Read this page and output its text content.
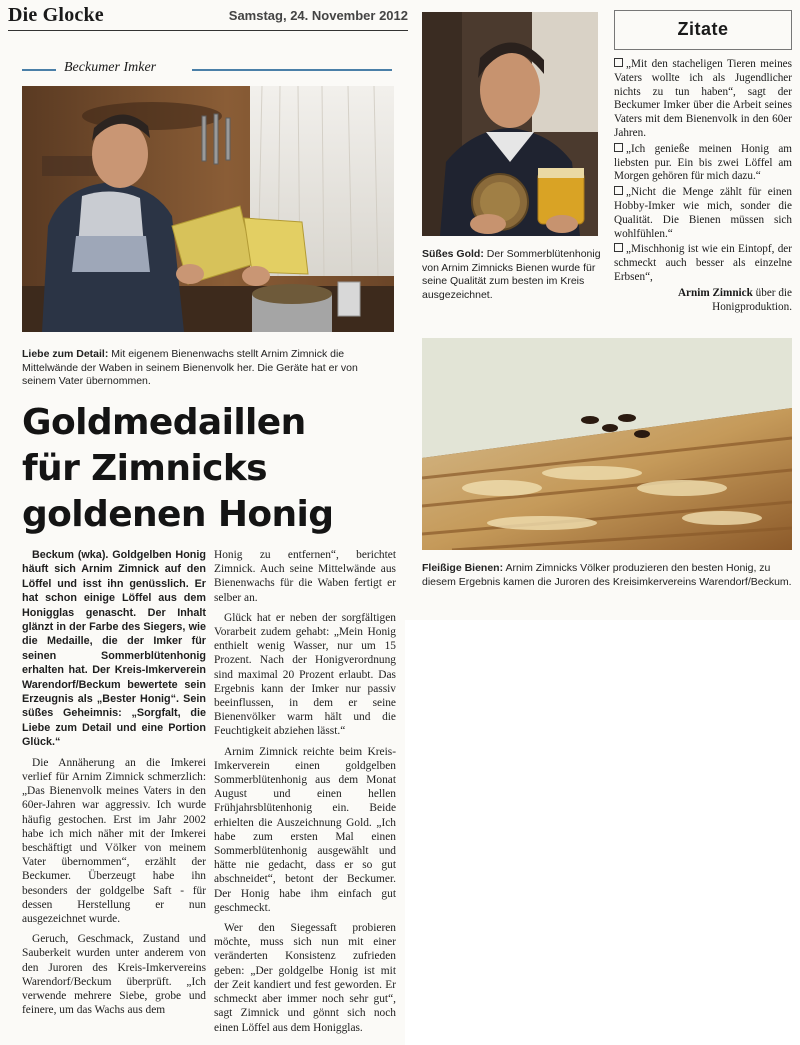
Die Glocke	Samstag, 24. November 2012
Beckumer Imker
Liebe zum Detail: Mit eigenem Bienenwachs stellt Arnim Zimnick die Mittelwände der Waben in seinem Bienenvolk her. Die Geräte hat er von seinem Vater übernommen.
Goldmedaillen
für Zimnicks
goldenen Honig

Beckum (wka). Goldgelben Honig häuft sich Arnim Zimnick auf den Löffel und isst ihn genüsslich. Er hat schon einige Löffel aus dem Honigglas genascht. Der Inhalt glänzt in der Farbe des Siegers, wie die Medaille, die der Imker für seinen Sommerblütenhonig erhalten hat. Der Kreis-Imkerverein Warendorf/Beckum bewertete sein Erzeugnis als „Bester Honig“. Sein süßes Geheimnis: „Sorgfalt, die Liebe zum Detail und eine Portion Glück.“

Die Annäherung an die Imkerei verlief für Arnim Zimnick schmerzlich: „Das Bienenvolk meines Vaters in den 60er-Jahren war aggressiv. Ich wurde häufig gestochen. Erst im Jahr 2002 habe ich mich näher mit der Imkerei beschäftigt und Völker von meinem Vater übernommen“, erzählt der Beckumer. Überzeugt habe ihn besonders der goldgelbe Saft - für dessen Herstellung er nun ausgezeichnet wurde.

Geruch, Geschmack, Zustand und Sauberkeit wurden unter anderem von den Juroren des Kreis-Imkervereins Warendorf/Beckum überprüft. „Ich verwende mehrere Siebe, grobe und feinere, um das Wachs aus dem

Honig zu entfernen“, berichtet Zimnick. Auch seine Mittelwände aus Bienenwachs für die Waben fertigt er selber an.

Glück hat er neben der sorgfältigen Vorarbeit zudem gehabt: „Mein Honig enthielt wenig Wasser, nur um 15 Prozent. Nach der Honigverordnung sind maximal 20 Prozent erlaubt. Das Ergebnis kann der Imker nur passiv beeinflussen, in dem er seine Bienenvölker warm hält und die Feuchtigkeit abziehen lässt.“

Arnim Zimnick reichte beim Kreis-Imkerverein einen goldgelben Sommerblütenhonig aus dem Monat August und einen hellen Frühjahrsblütenhonig ein. Beide erhielten die Auszeichnung Gold. „Ich habe zum ersten Mal einen Sommerblütenhonig ausgewählt und hätte nie gedacht, dass er so gut abschneidet“, betont der Beckumer. Der Honig habe ihm einfach gut geschmeckt.

Wer den Siegessaft probieren möchte, muss sich nun mit einer veränderten Konsistenz zufrieden geben: „Der goldgelbe Honig ist mit der Zeit kandiert und fest geworden. Er schmeckt aber immer noch sehr gut“, sagt Zimnick und gönnt sich noch einen Löffel aus dem Honigglas.

Süßes Gold: Der Sommerblütenhonig von Arnim Zimnicks Bienen wurde für seine Qualität zum besten im Kreis ausgezeichnet.
Zitate

„Mit den stacheligen Tieren meines Vaters wollte ich als Jugendlicher nichts zu tun haben“, sagt der Beckumer Imker über die Arbeit seines Vaters mit dem Bienenvolk in den 60er Jahren.

„Ich genieße meinen Honig am liebsten pur. Ein bis zwei Löffel am Morgen gehören für mich dazu.“

„Nicht die Menge zählt für einen Hobby-Imker wie mich, sonder die Qualität. Die Bienen müssen sich wohlfühlen.“

„Mischhonig ist wie ein Eintopf, der schmeckt auch besser als einzelne Erbsen“,

Arnim Zimnick über die Honigproduktion.

Fleißige Bienen: Arnim Zimnicks Völker produzieren den besten Honig, zu diesem Ergebnis kamen die Juroren des Kreisimkervereins Warendorf/Beckum.
